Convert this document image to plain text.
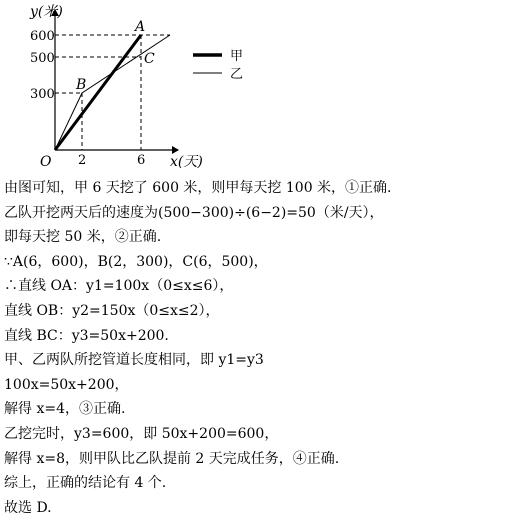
y(米)
x(天)
O
600
500
300
2	6
A
B
C	甲
乙
由图可知，甲 6 天挖了 600 米，则甲每天挖 100 米，①正确.
乙队开挖两天后的速度为(500−300)÷(6−2)=50（米/天），
即每天挖 50 米，②正确.
∵A(6，600)，B(2，300)，C(6，500)，
∴直线 OA：y1=100x（0≤x≤6），
直线 OB：y2=150x（0≤x≤2），
直线 BC：y3=50x+200.
甲、乙两队所挖管道长度相同，即 y1=y3
100x=50x+200，
解得 x=4，③正确.
乙挖完时，y3=600，即 50x+200=600，
解得 x=8，则甲队比乙队提前 2 天完成任务，④正确.
综上，正确的结论有 4 个.
故选 D.
